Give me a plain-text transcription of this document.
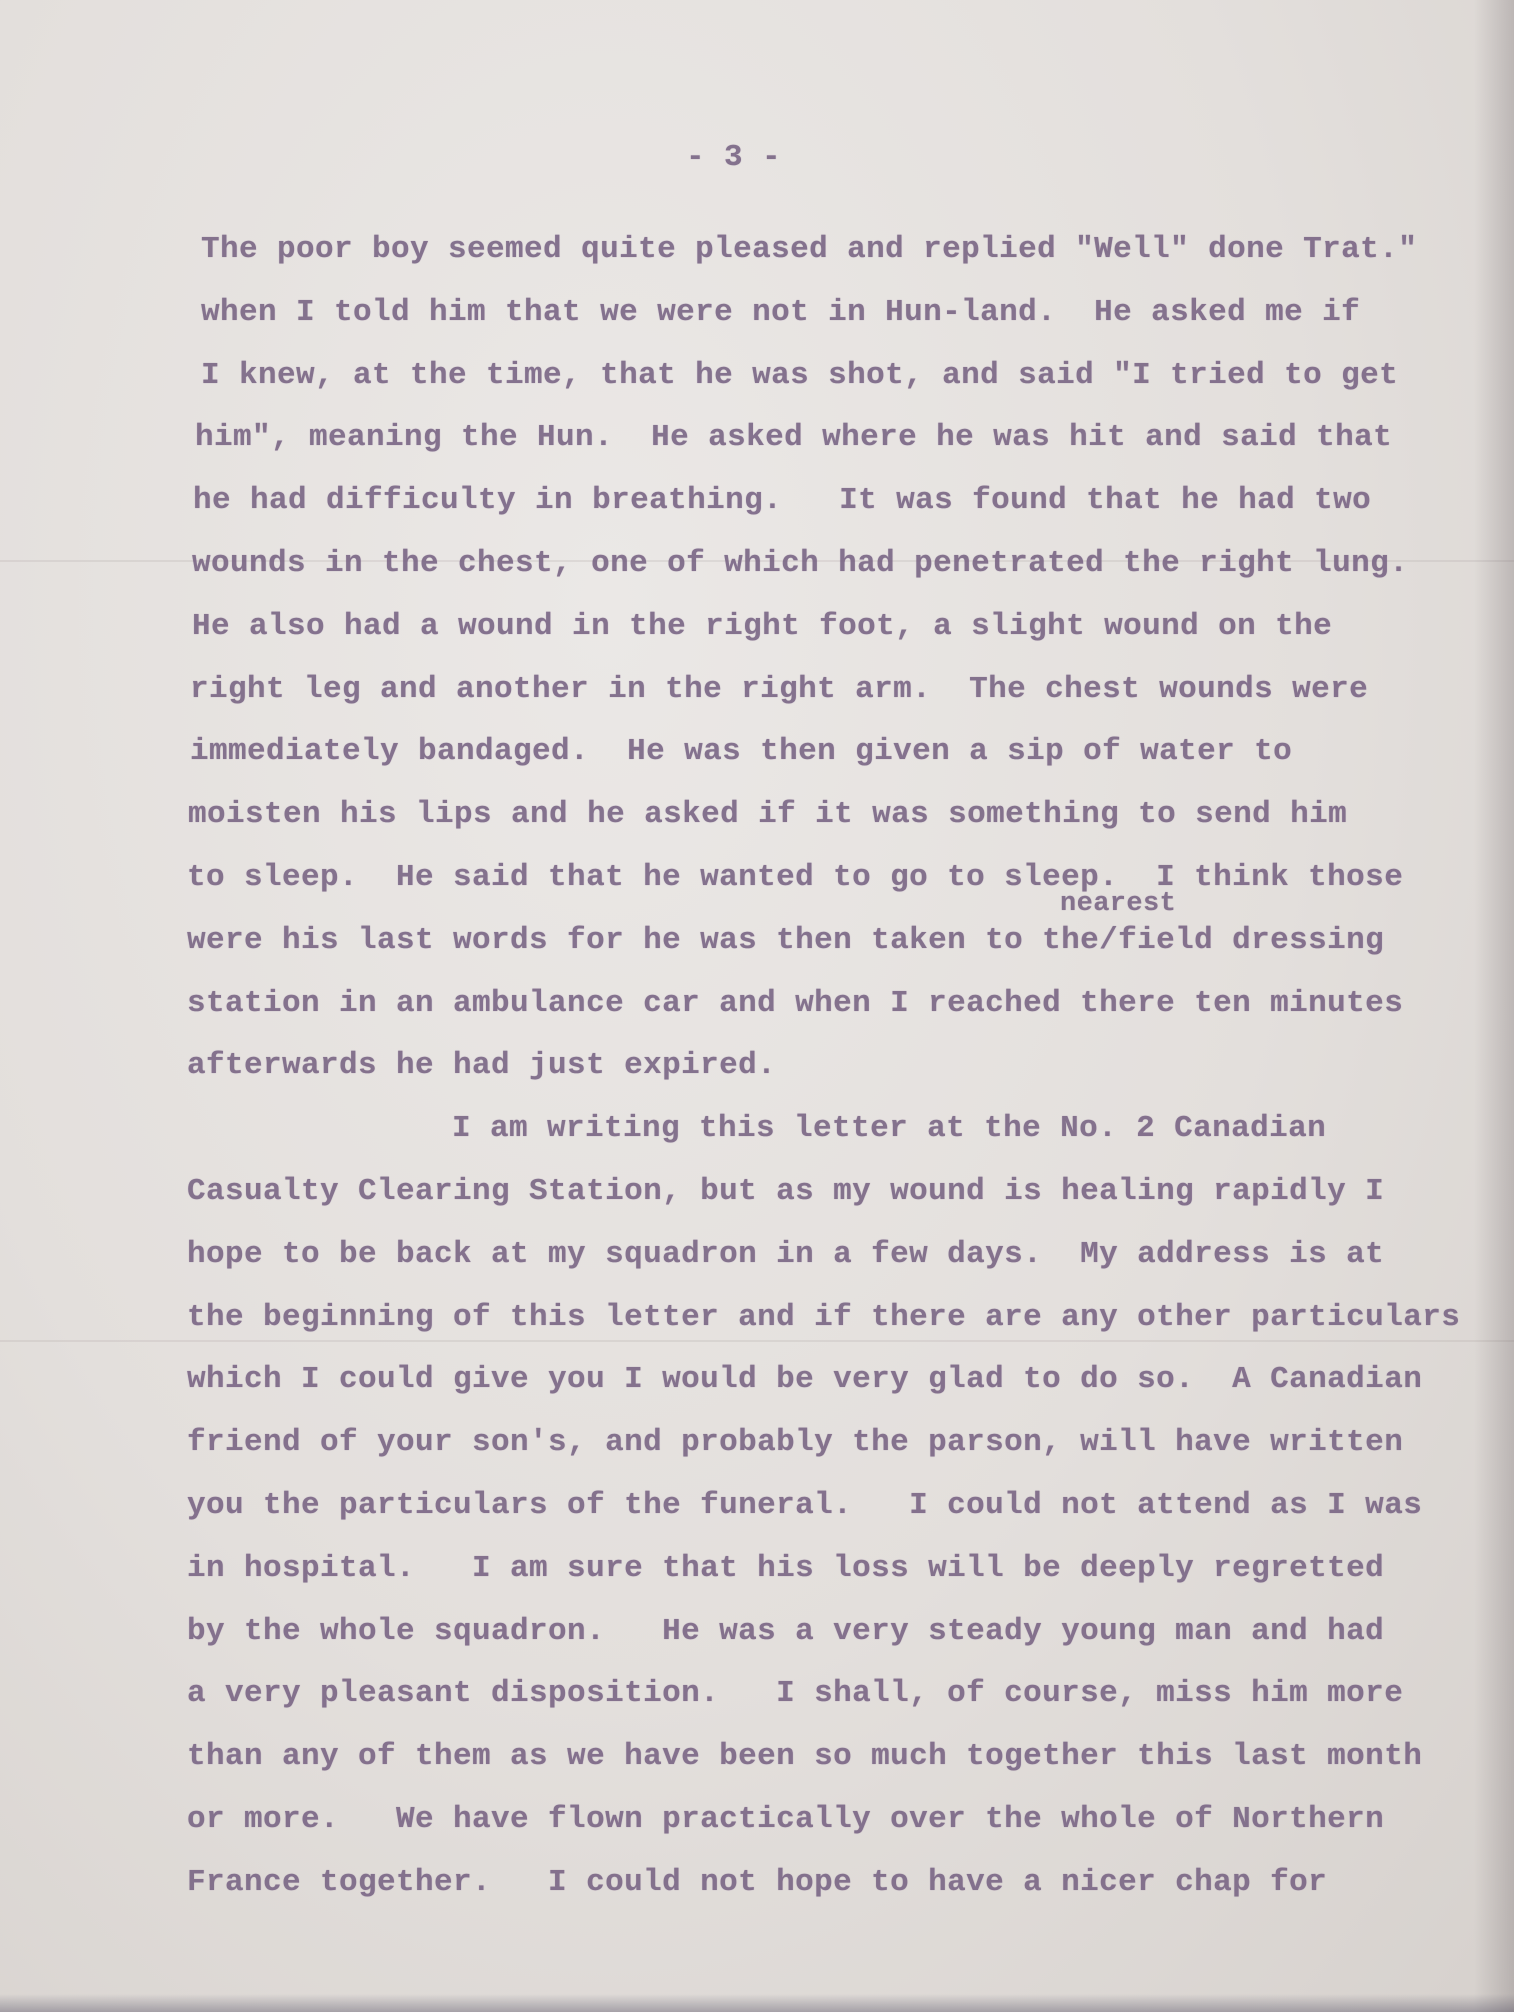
- 3 -
nearest
The poor boy seemed quite pleased and replied "Well" done Trat."
when I told him that we were not in Hun-land.  He asked me if
I knew, at the time, that he was shot, and said "I tried to get
him", meaning the Hun.  He asked where he was hit and said that
he had difficulty in breathing.   It was found that he had two
wounds in the chest, one of which had penetrated the right lung.
He also had a wound in the right foot, a slight wound on the
right leg and another in the right arm.  The chest wounds were
immediately bandaged.  He was then given a sip of water to
moisten his lips and he asked if it was something to send him
to sleep.  He said that he wanted to go to sleep.  I think those
were his last words for he was then taken to the/field dressing
station in an ambulance car and when I reached there ten minutes
afterwards he had just expired.
I am writing this letter at the No. 2 Canadian
Casualty Clearing Station, but as my wound is healing rapidly I
hope to be back at my squadron in a few days.  My address is at
the beginning of this letter and if there are any other particulars
which I could give you I would be very glad to do so.  A Canadian
friend of your son's, and probably the parson, will have written
you the particulars of the funeral.   I could not attend as I was
in hospital.   I am sure that his loss will be deeply regretted
by the whole squadron.   He was a very steady young man and had
a very pleasant disposition.   I shall, of course, miss him more
than any of them as we have been so much together this last month
or more.   We have flown practically over the whole of Northern
France together.   I could not hope to have a nicer chap for
